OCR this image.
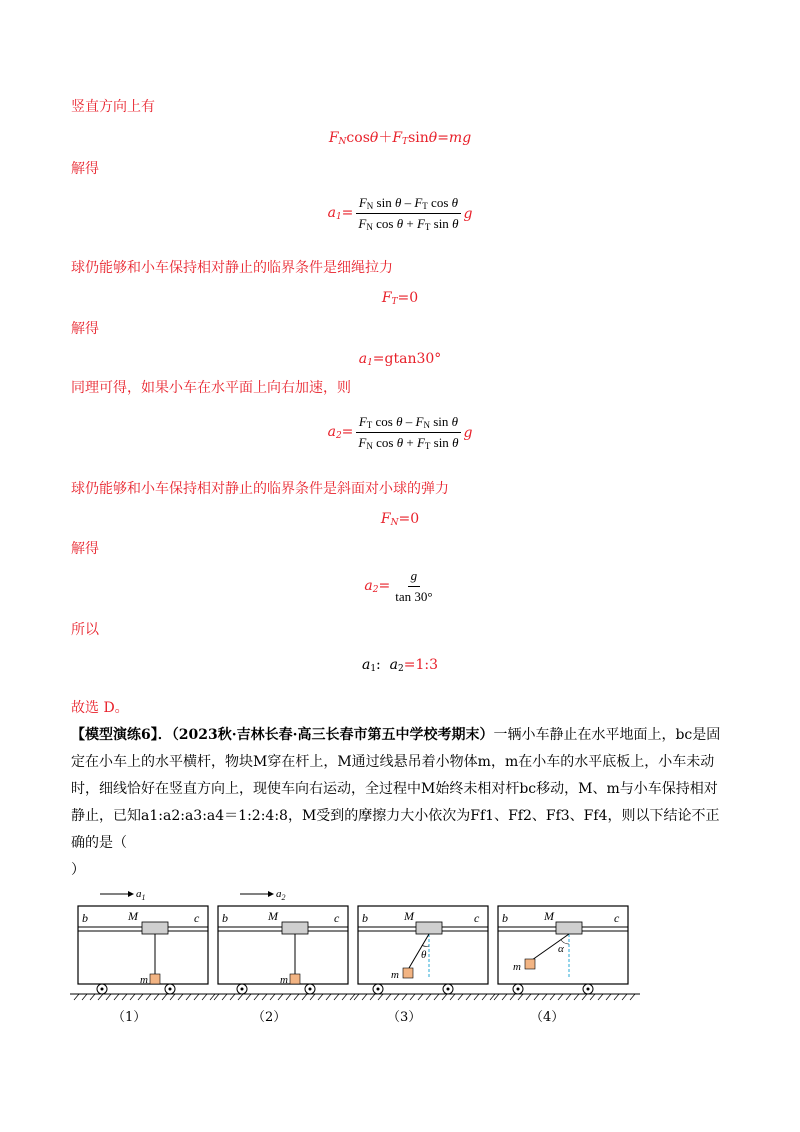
竖直方向上有
$F_N\cos\theta+F_T\sin\theta=mg$
解得
$a_1= \frac{F_N \sin \theta - F_T \cos \theta}{F_N \cos \theta + F_T \sin \theta}$ g
球仍能够和小车保持相对静止的临界条件是细绳拉力
$F_T=0$
解得
$a_1=gtan30^\circ$
同理可得，如果小车在水平面上向右加速，则
$a_2= \frac{F_T \cos \theta - F_N \sin \theta}{F_N \cos \theta + F_T \sin \theta}$ g
球仍能够和小车保持相对静止的临界条件是斜面对小球的弹力
$F_N=0$
解得
$a_2= \frac{g}{\tan 30^\circ}$
所以
$a_1$:  $a_2=1:3$
故选 D。
【模型演练6】．（2023秋·吉林长春·高三长春市第五中学校考期末）一辆小车静止在水平地面上，bc是固定在小车上的水平横杆，物块M穿在杆上，M通过线悬吊着小物体m，m在小车的水平底板上，小车未动时，细线恰好在竖直方向上，现使车向右运动，全过程中M始终未相对杆bc移动，M、m与小车保持相对静止，已知a1:a2:a3:a4＝1:2:4:8，M受到的摩擦力大小依次为Ff1、Ff2、Ff3、Ff4，则以下结论不正确的是（
）
$a_1$
b	M	c
m
$a_2$
b	M	c
m
b	M	c
θ
m
b	M	c
α
m
（1）	（2）	（3）	（4）
